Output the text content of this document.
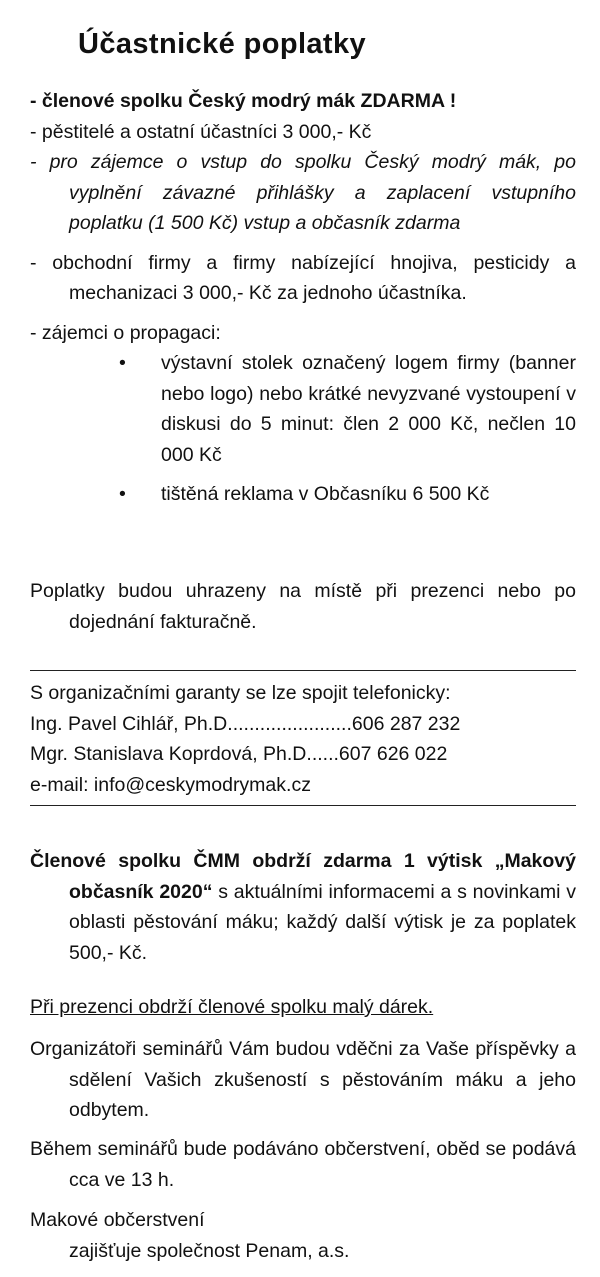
Účastnické poplatky
- členové spolku Český modrý mák ZDARMA !
- pěstitelé a ostatní účastníci 3 000,- Kč
- pro zájemce o vstup do spolku Český modrý mák, po vyplnění závazné přihlášky a zaplacení vstupního poplatku (1 500 Kč) vstup a občasník zdarma
- obchodní firmy a firmy nabízející hnojiva, pesticidy a mechanizaci 3 000,- Kč za jednoho účastníka.
- zájemci o propagaci:
• výstavní stolek označený logem firmy (banner nebo logo) nebo krátké nevyzvané vystoupení v diskusi do 5 minut: člen 2 000 Kč, nečlen 10 000 Kč
• tištěná reklama v Občasníku 6 500 Kč

Poplatky budou uhrazeny na místě při prezenci nebo po dojednání fakturačně.

S organizačními garanty se lze spojit telefonicky:
Ing. Pavel Cihlář, Ph.D.......................606 287 232
Mgr. Stanislava Koprdová, Ph.D......607 626 022
e-mail: info@ceskymodrymak.cz

Členové spolku ČMM obdrží zdarma 1 výtisk „Makový občasník 2020“ s aktuálními informacemi a s novinkami v oblasti pěstování máku; každý další výtisk je za poplatek 500,- Kč.

Při prezenci obdrží členové spolku malý dárek.

Organizátoři seminářů Vám budou vděčni za Vaše příspěvky a sdělení Vašich zkušeností s pěstováním máku a jeho odbytem.

Během seminářů bude podáváno občerstvení, oběd se podává cca ve 13 h.

Makové občerstvení
zajišťuje společnost Penam, a.s.
